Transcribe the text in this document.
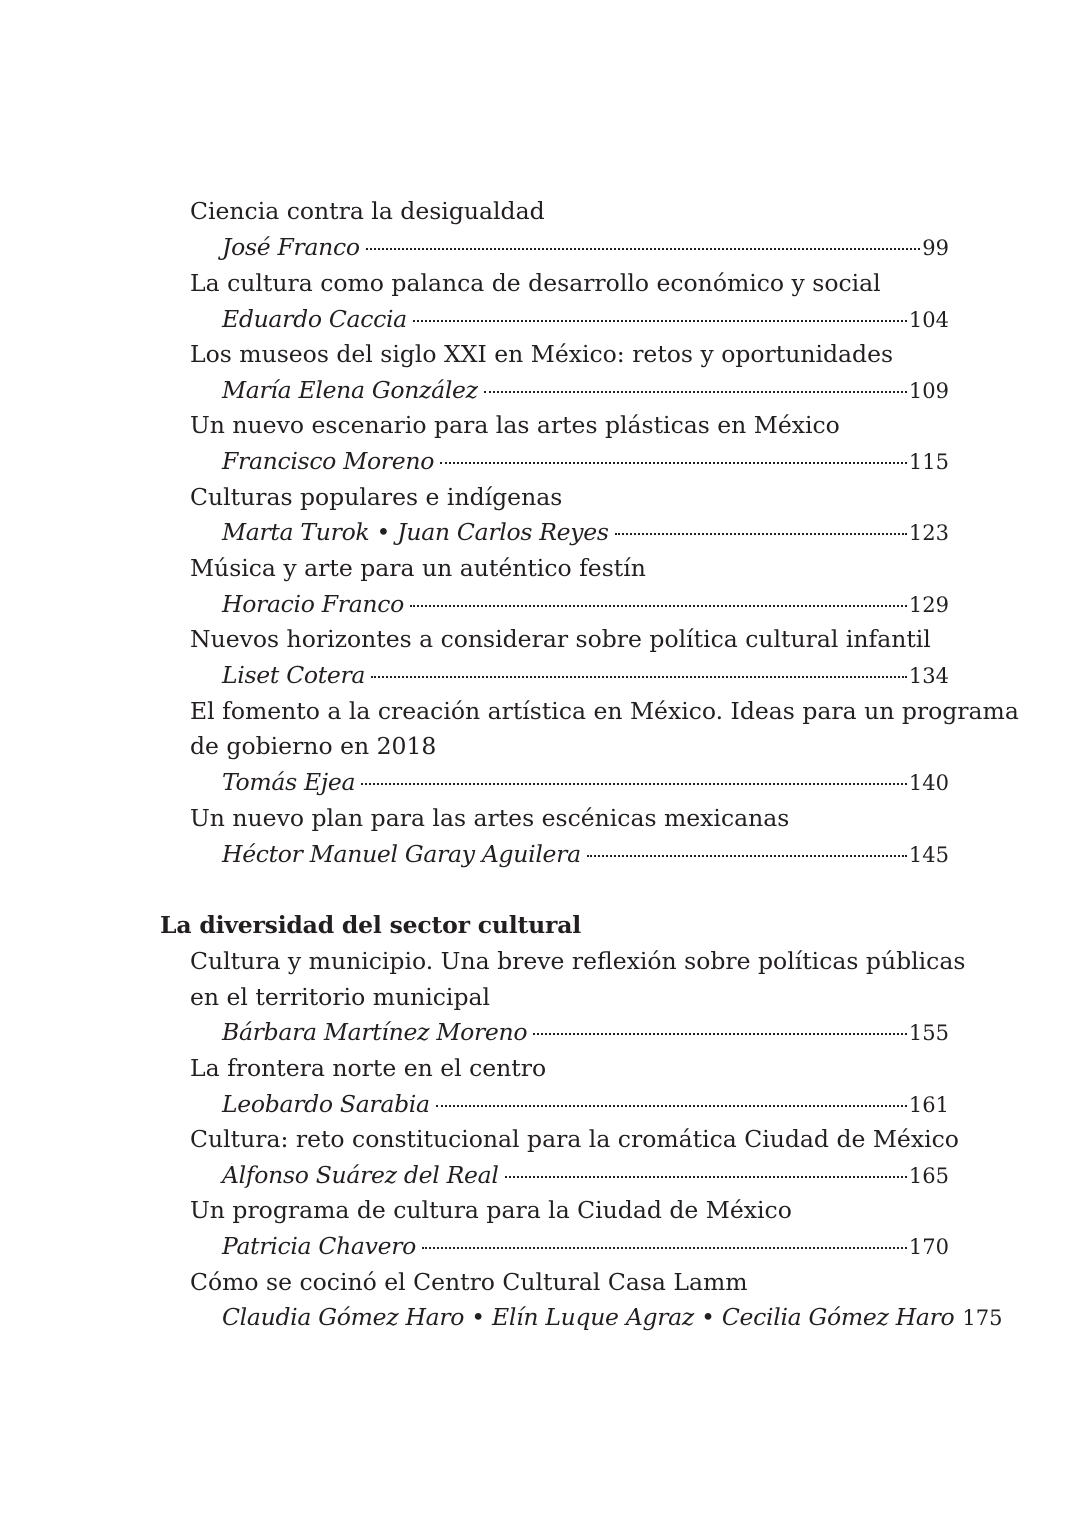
Ciencia contra la desigualdad
José Franco	99
La cultura como palanca de desarrollo económico y social
Eduardo Caccia	104
Los museos del siglo XXI en México: retos y oportunidades
María Elena González	109
Un nuevo escenario para las artes plásticas en México
Francisco Moreno	115
Culturas populares e indígenas
Marta Turok • Juan Carlos Reyes	123
Música y arte para un auténtico festín
Horacio Franco	129
Nuevos horizontes a considerar sobre política cultural infantil
Liset Cotera	134
El fomento a la creación artística en México. Ideas para un programa
de gobierno en 2018
Tomás Ejea	140
Un nuevo plan para las artes escénicas mexicanas
Héctor Manuel Garay Aguilera	145
La diversidad del sector cultural
Cultura y municipio. Una breve reflexión sobre políticas públicas
en el territorio municipal
Bárbara Martínez Moreno	155
La frontera norte en el centro
Leobardo Sarabia	161
Cultura: reto constitucional para la cromática Ciudad de México
Alfonso Suárez del Real	165
Un programa de cultura para la Ciudad de México
Patricia Chavero	170
Cómo se cocinó el Centro Cultural Casa Lamm
Claudia Gómez Haro • Elín Luque Agraz • Cecilia Gómez Haro 175
